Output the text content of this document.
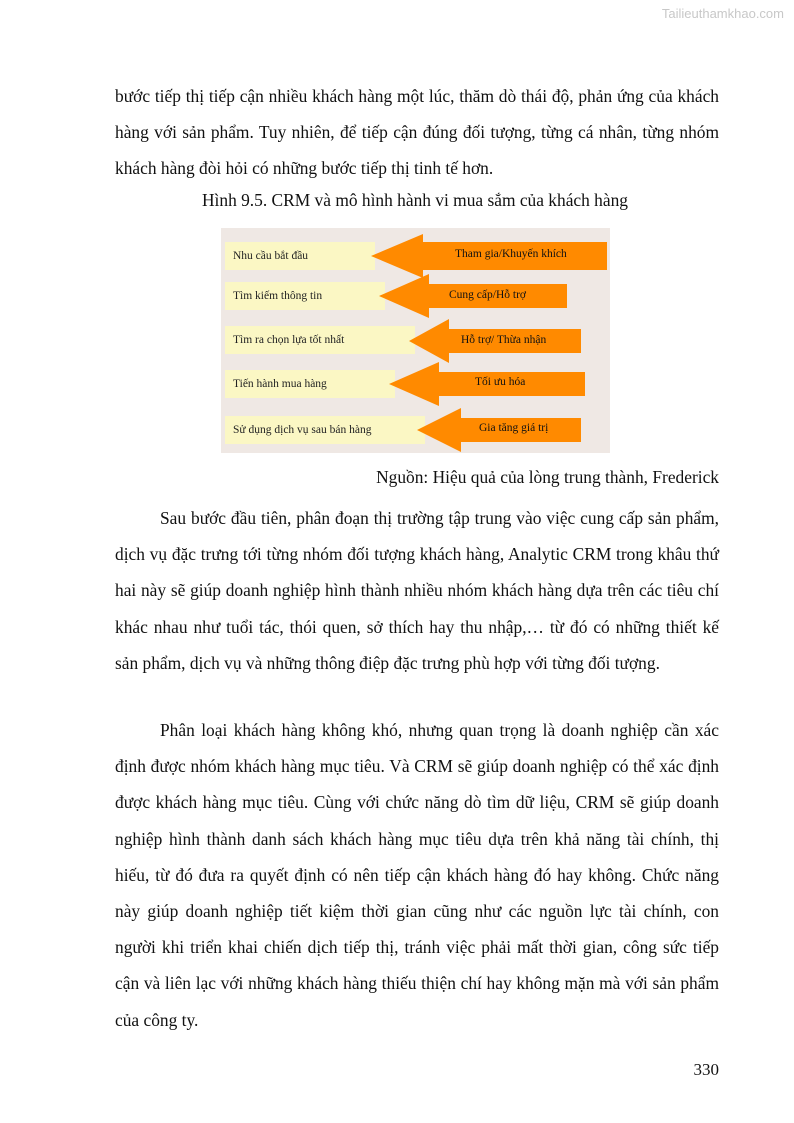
Tailieuthamkhao.com

bước tiếp thị tiếp cận nhiều khách hàng một lúc, thăm dò thái độ, phản ứng của khách hàng với sản phẩm. Tuy nhiên, để tiếp cận đúng đối tượng, từng cá nhân, từng nhóm khách hàng đòi hỏi có những bước tiếp thị tinh tế hơn.

Hình 9.5. CRM và mô hình hành vi mua sắm của khách hàng
Nhu cầu bắt đầu	Tham gia/Khuyến khích
Tìm kiếm thông tin	Cung cấp/Hỗ trợ
Tìm ra chọn lựa tốt nhất	Hỗ trợ/ Thừa nhận
Tiến hành mua hàng	Tối ưu hóa
Sử dụng dịch vụ sau bán hàng	Gia tăng giá trị
Nguồn: Hiệu quả của lòng trung thành, Frederick

Sau bước đầu tiên, phân đoạn thị trường tập trung vào việc cung cấp sản phẩm, dịch vụ đặc trưng tới từng nhóm đối tượng khách hàng, Analytic CRM trong khâu thứ hai này sẽ giúp doanh nghiệp hình thành nhiều nhóm khách hàng dựa trên các tiêu chí khác nhau như tuổi tác, thói quen, sở thích hay thu nhập,… từ đó có những thiết kế sản phẩm, dịch vụ và những thông điệp đặc trưng phù hợp với từng đối tượng.

Phân loại khách hàng không khó, nhưng quan trọng là doanh nghiệp cần xác định được nhóm khách hàng mục tiêu. Và CRM sẽ giúp doanh nghiệp có thể xác định được khách hàng mục tiêu. Cùng với chức năng dò tìm dữ liệu, CRM sẽ giúp doanh nghiệp hình thành danh sách khách hàng mục tiêu dựa trên khả năng tài chính, thị hiếu, từ đó đưa ra quyết định có nên tiếp cận khách hàng đó hay không. Chức năng này giúp doanh nghiệp tiết kiệm thời gian cũng như các nguồn lực tài chính, con người khi triển khai chiến dịch tiếp thị, tránh việc phải mất thời gian, công sức tiếp cận và liên lạc với những khách hàng thiếu thiện chí hay không mặn mà với sản phẩm của công ty.

330
